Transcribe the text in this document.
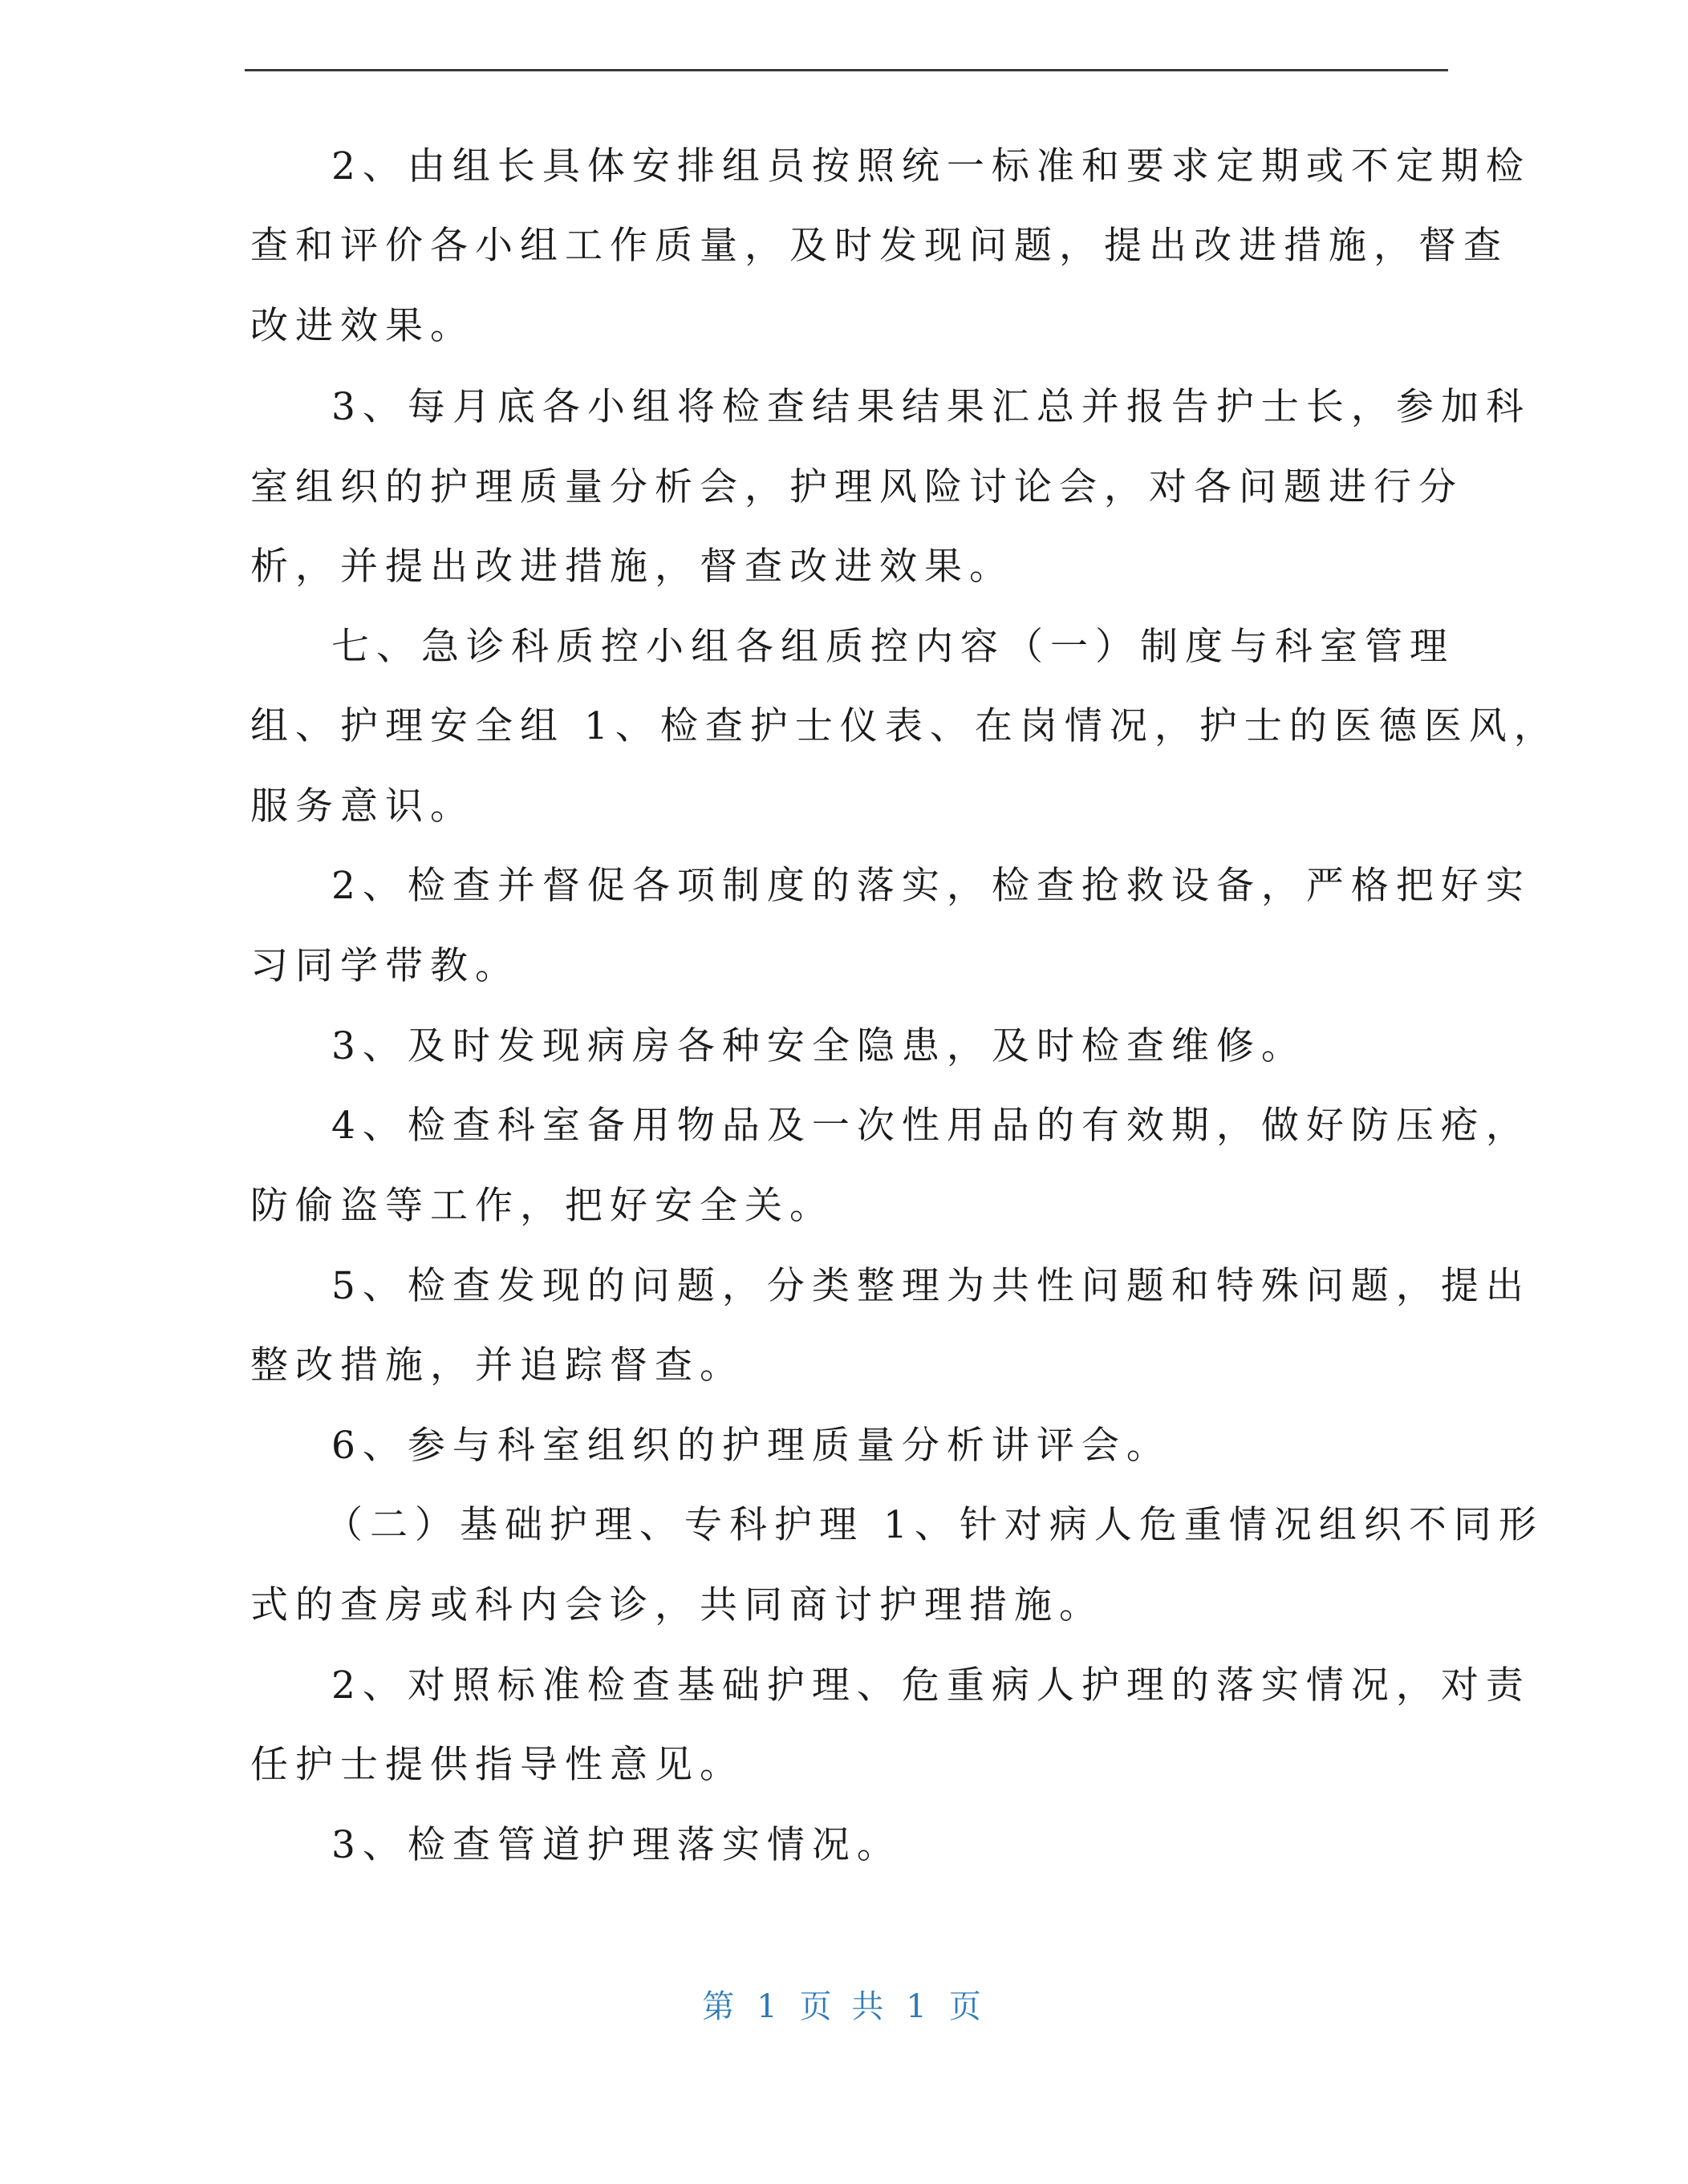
2、由组长具体安排组员按照统一标准和要求定期或不定期检
查和评价各小组工作质量，及时发现问题，提出改进措施，督查
改进效果。
3、每月底各小组将检查结果结果汇总并报告护士长，参加科
室组织的护理质量分析会，护理风险讨论会，对各问题进行分
析，并提出改进措施，督查改进效果。
七、急诊科质控小组各组质控内容（一）制度与科室管理
组、护理安全组 1、检查护士仪表、在岗情况，护士的医德医风，
服务意识。
2、检查并督促各项制度的落实，检查抢救设备，严格把好实
习同学带教。
3、及时发现病房各种安全隐患，及时检查维修。
4、检查科室备用物品及一次性用品的有效期，做好防压疮，
防偷盗等工作，把好安全关。
5、检查发现的问题，分类整理为共性问题和特殊问题，提出
整改措施，并追踪督查。
6、参与科室组织的护理质量分析讲评会。
（二）基础护理、专科护理 1、针对病人危重情况组织不同形
式的查房或科内会诊，共同商讨护理措施。
2、对照标准检查基础护理、危重病人护理的落实情况，对责
任护士提供指导性意见。
3、检查管道护理落实情况。
第 1 页 共 1 页
